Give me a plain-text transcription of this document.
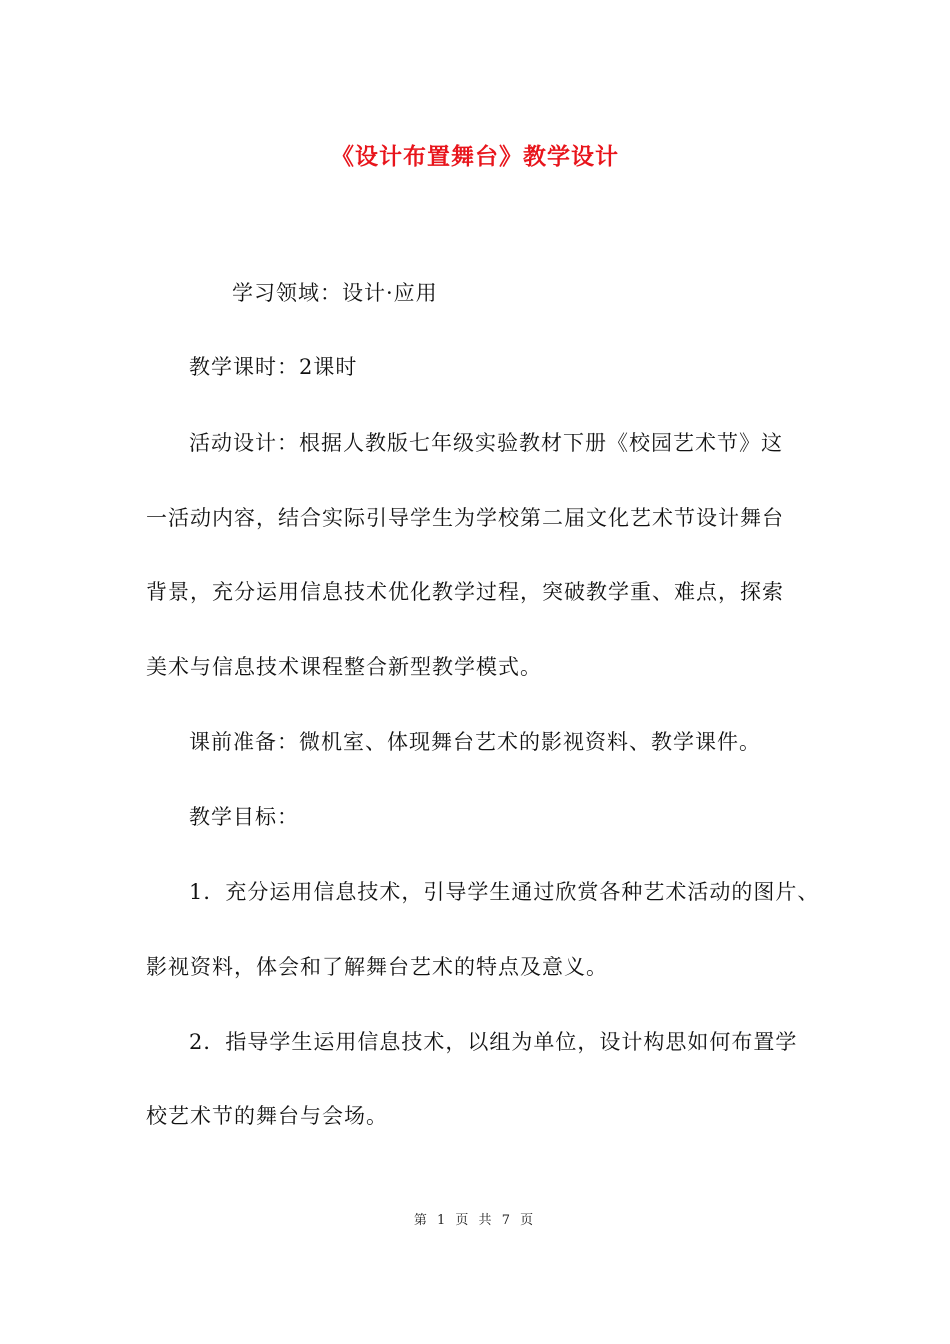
《设计布置舞台》教学设计
学习领域：设计·应用
教学课时：2课时
活动设计：根据人教版七年级实验教材下册《校园艺术节》这
一活动内容，结合实际引导学生为学校第二届文化艺术节设计舞台
背景，充分运用信息技术优化教学过程，突破教学重、难点，探索
美术与信息技术课程整合新型教学模式。
课前准备：微机室、体现舞台艺术的影视资料、教学课件。
教学目标：
1．充分运用信息技术，引导学生通过欣赏各种艺术活动的图片、
影视资料，体会和了解舞台艺术的特点及意义。
2．指导学生运用信息技术，以组为单位，设计构思如何布置学
校艺术节的舞台与会场。
第 1 页 共 7 页
